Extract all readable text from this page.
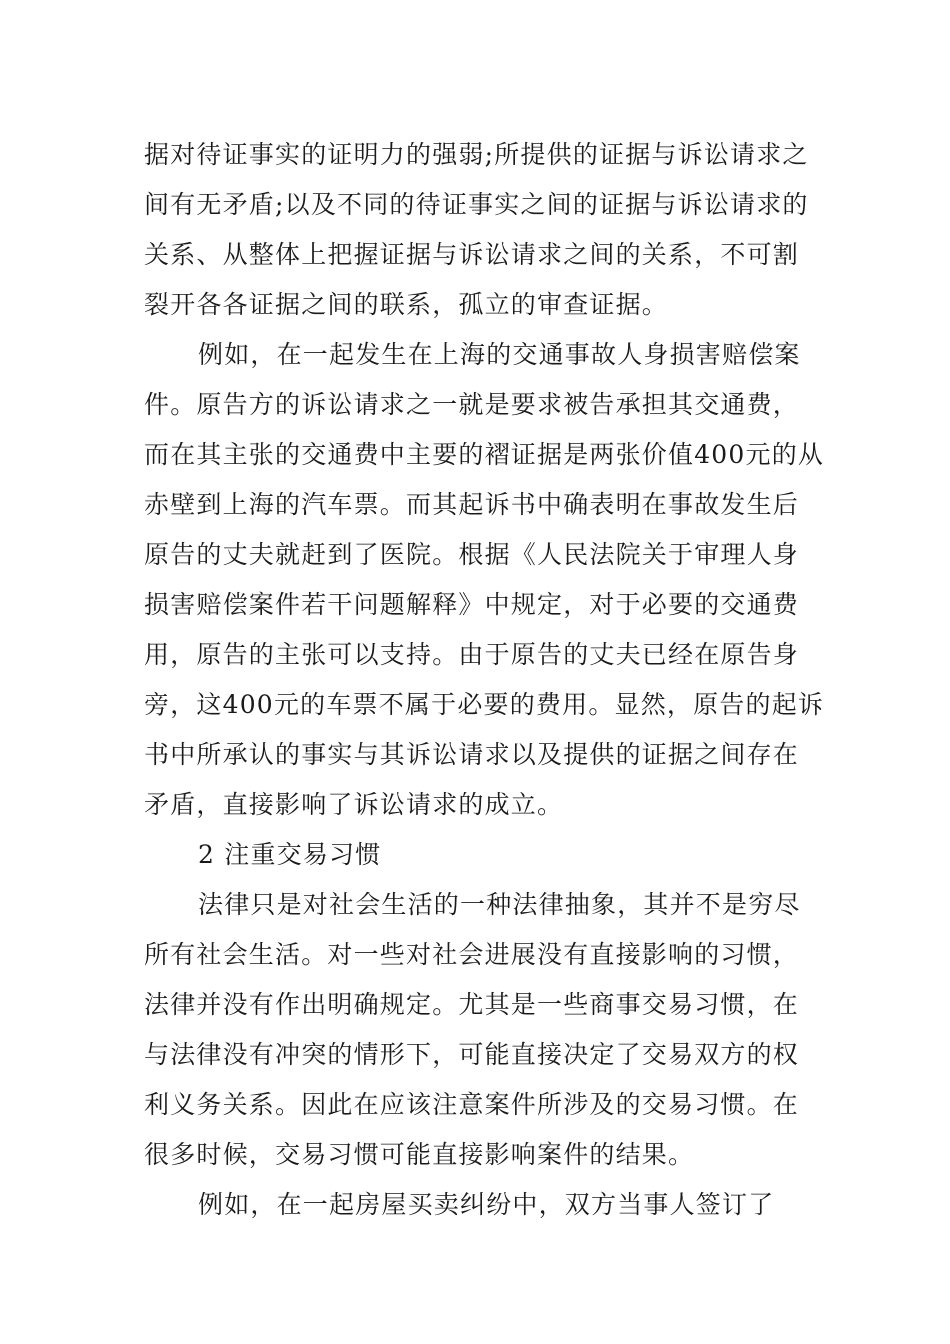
据对待证事实的证明力的强弱;所提供的证据与诉讼请求之
间有无矛盾;以及不同的待证事实之间的证据与诉讼请求的
关系、从整体上把握证据与诉讼请求之间的关系，不可割
裂开各各证据之间的联系，孤立的审查证据。
例如，在一起发生在上海的交通事故人身损害赔偿案
件。原告方的诉讼请求之一就是要求被告承担其交通费，
而在其主张的交通费中主要的褶证据是两张价值400元的从
赤壁到上海的汽车票。而其起诉书中确表明在事故发生后
原告的丈夫就赶到了医院。根据《人民法院关于审理人身
损害赔偿案件若干问题解释》中规定，对于必要的交通费
用，原告的主张可以支持。由于原告的丈夫已经在原告身
旁，这400元的车票不属于必要的费用。显然，原告的起诉
书中所承认的事实与其诉讼请求以及提供的证据之间存在
矛盾，直接影响了诉讼请求的成立。
2 注重交易习惯
法律只是对社会生活的一种法律抽象，其并不是穷尽
所有社会生活。对一些对社会进展没有直接影响的习惯，
法律并没有作出明确规定。尤其是一些商事交易习惯，在
与法律没有冲突的情形下，可能直接决定了交易双方的权
利义务关系。因此在应该注意案件所涉及的交易习惯。在
很多时候，交易习惯可能直接影响案件的结果。
例如，在一起房屋买卖纠纷中，双方当事人签订了
